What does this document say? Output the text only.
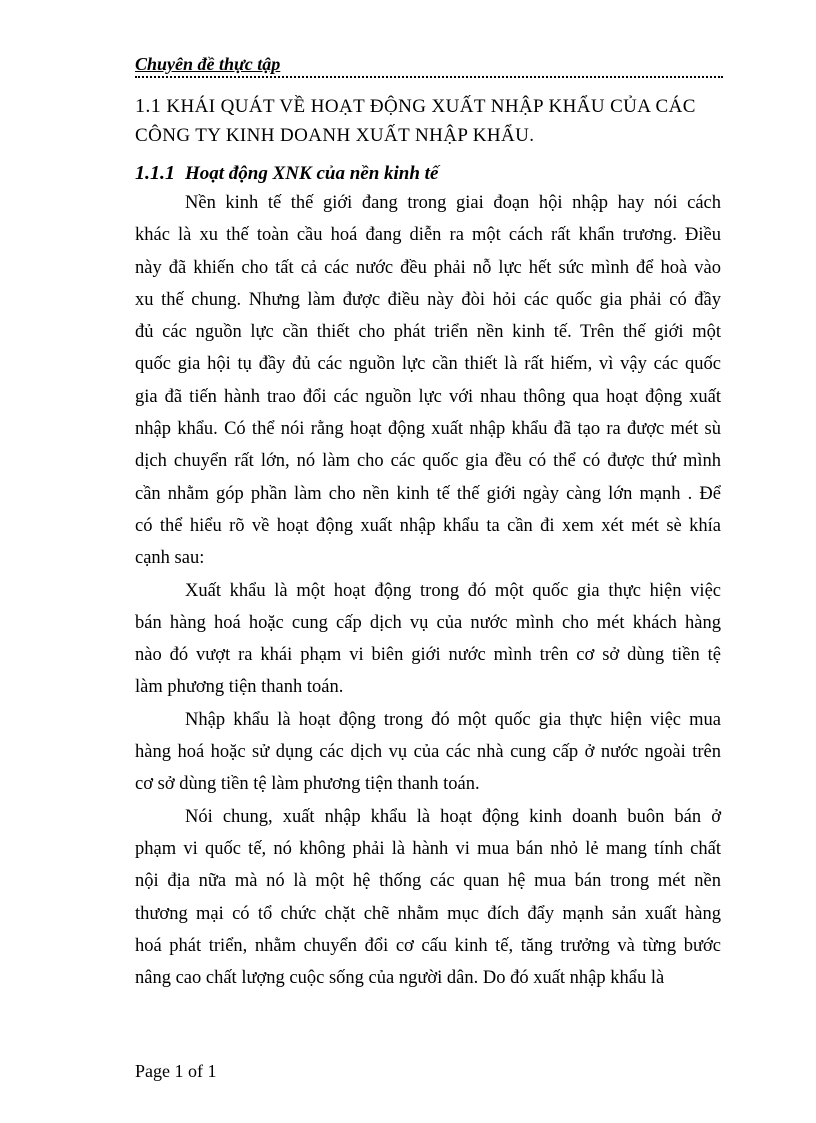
Chuyên đề thực tập
1.1 KHÁI QUÁT VỀ HOẠT ĐỘNG XUẤT NHẬP KHẨU CỦA CÁC
CÔNG TY KINH DOANH XUẤT NHẬP KHẨU.
1.1.1 Hoạt động XNK của nền kinh tế
Nền kinh tế thế giới đang trong giai đoạn hội nhập hay nói cách
khác là xu thế toàn cầu hoá đang diễn ra một cách rất khẩn trương. Điều
này đã khiến cho tất cả các nước đều phải nỗ lực hết sức mình để hoà vào
xu thế chung. Nhưng làm được điều này đòi hỏi các quốc gia phải có đầy
đủ các nguồn lực cần thiết cho phát triển nền kinh tế. Trên thế giới một
quốc gia hội tụ đầy đủ các nguồn lực cần thiết là rất hiếm, vì vậy các quốc
gia đã tiến hành trao đổi các nguồn lực với nhau thông qua hoạt động xuất
nhập khẩu. Có thể nói rằng hoạt động xuất nhập khẩu đã tạo ra được mét sù
dịch chuyển rất lớn, nó làm cho các quốc gia đều có thể có được thứ mình
cần nhằm góp phần làm cho nền kinh tế thế giới ngày càng lớn mạnh . Để
có thể hiểu rõ về hoạt động xuất nhập khẩu ta cần đi xem xét mét sè khía
cạnh sau:
Xuất khẩu là một hoạt động trong đó một quốc gia thực hiện việc
bán hàng hoá hoặc cung cấp dịch vụ của nước mình cho mét khách hàng
nào đó vượt ra khái phạm vi biên giới nước mình trên cơ sở dùng tiền tệ
làm phương tiện thanh toán.
Nhập khẩu là hoạt động trong đó một quốc gia thực hiện việc mua
hàng hoá hoặc sử dụng các dịch vụ của các nhà cung cấp ở nước ngoài trên
cơ sở dùng tiền tệ làm phương tiện thanh toán.
Nói chung, xuất nhập khẩu là hoạt động kinh doanh buôn bán ở
phạm vi quốc tế, nó không phải là hành vi mua bán nhỏ lẻ mang tính chất
nội địa nữa mà nó là một hệ thống các quan hệ mua bán trong mét nền
thương mại có tổ chức chặt chẽ nhằm mục đích đẩy mạnh sản xuất hàng
hoá phát triển, nhằm chuyển đổi cơ cấu kinh tế, tăng trưởng và từng bước
nâng cao chất lượng cuộc sống của người dân. Do đó xuất nhập khẩu là
Page 1 of 1
